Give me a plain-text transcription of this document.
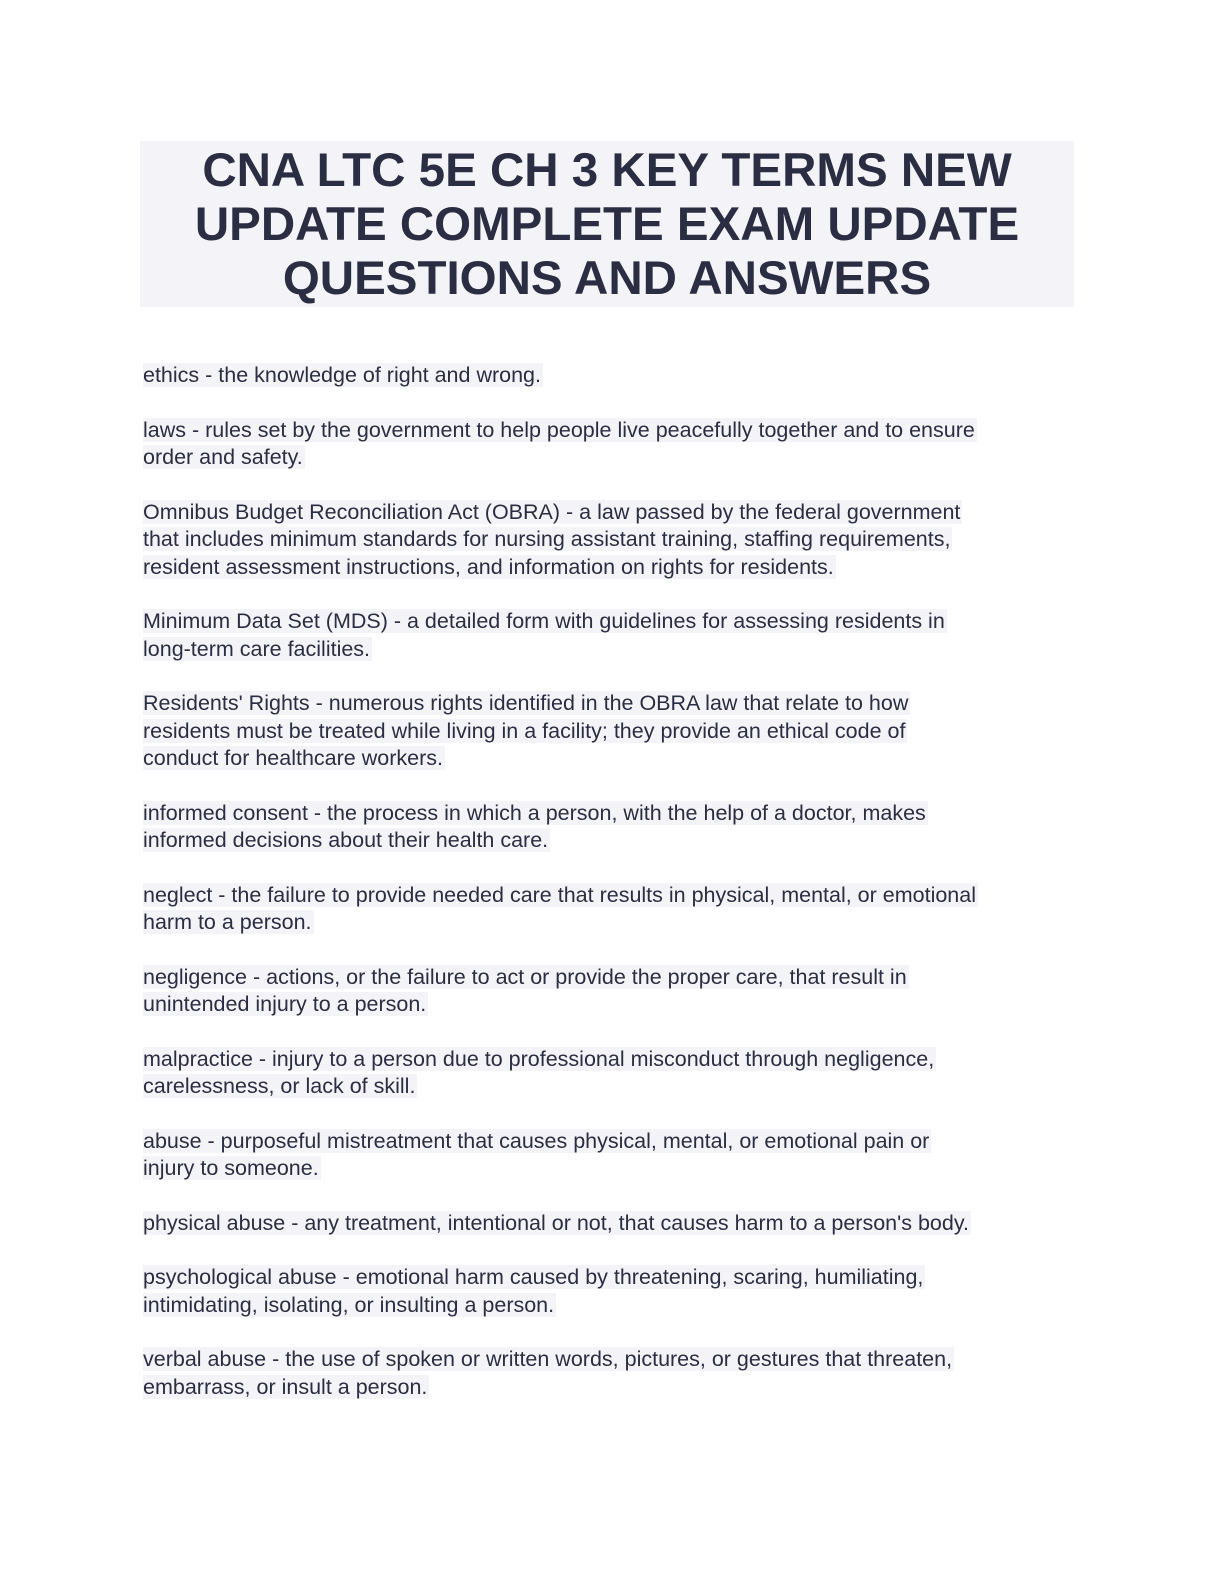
CNA LTC 5E CH 3 KEY TERMS NEW
UPDATE COMPLETE EXAM UPDATE
QUESTIONS AND ANSWERS
ethics - the knowledge of right and wrong.
laws - rules set by the government to help people live peacefully together and to ensure
order and safety.
Omnibus Budget Reconciliation Act (OBRA) - a law passed by the federal government
that includes minimum standards for nursing assistant training, staffing requirements,
resident assessment instructions, and information on rights for residents.
Minimum Data Set (MDS) - a detailed form with guidelines for assessing residents in
long-term care facilities.
Residents' Rights - numerous rights identified in the OBRA law that relate to how
residents must be treated while living in a facility; they provide an ethical code of
conduct for healthcare workers.
informed consent - the process in which a person, with the help of a doctor, makes
informed decisions about their health care.
neglect - the failure to provide needed care that results in physical, mental, or emotional
harm to a person.
negligence - actions, or the failure to act or provide the proper care, that result in
unintended injury to a person.
malpractice - injury to a person due to professional misconduct through negligence,
carelessness, or lack of skill.
abuse - purposeful mistreatment that causes physical, mental, or emotional pain or
injury to someone.
physical abuse - any treatment, intentional or not, that causes harm to a person's body.
psychological abuse - emotional harm caused by threatening, scaring, humiliating,
intimidating, isolating, or insulting a person.
verbal abuse - the use of spoken or written words, pictures, or gestures that threaten,
embarrass, or insult a person.
